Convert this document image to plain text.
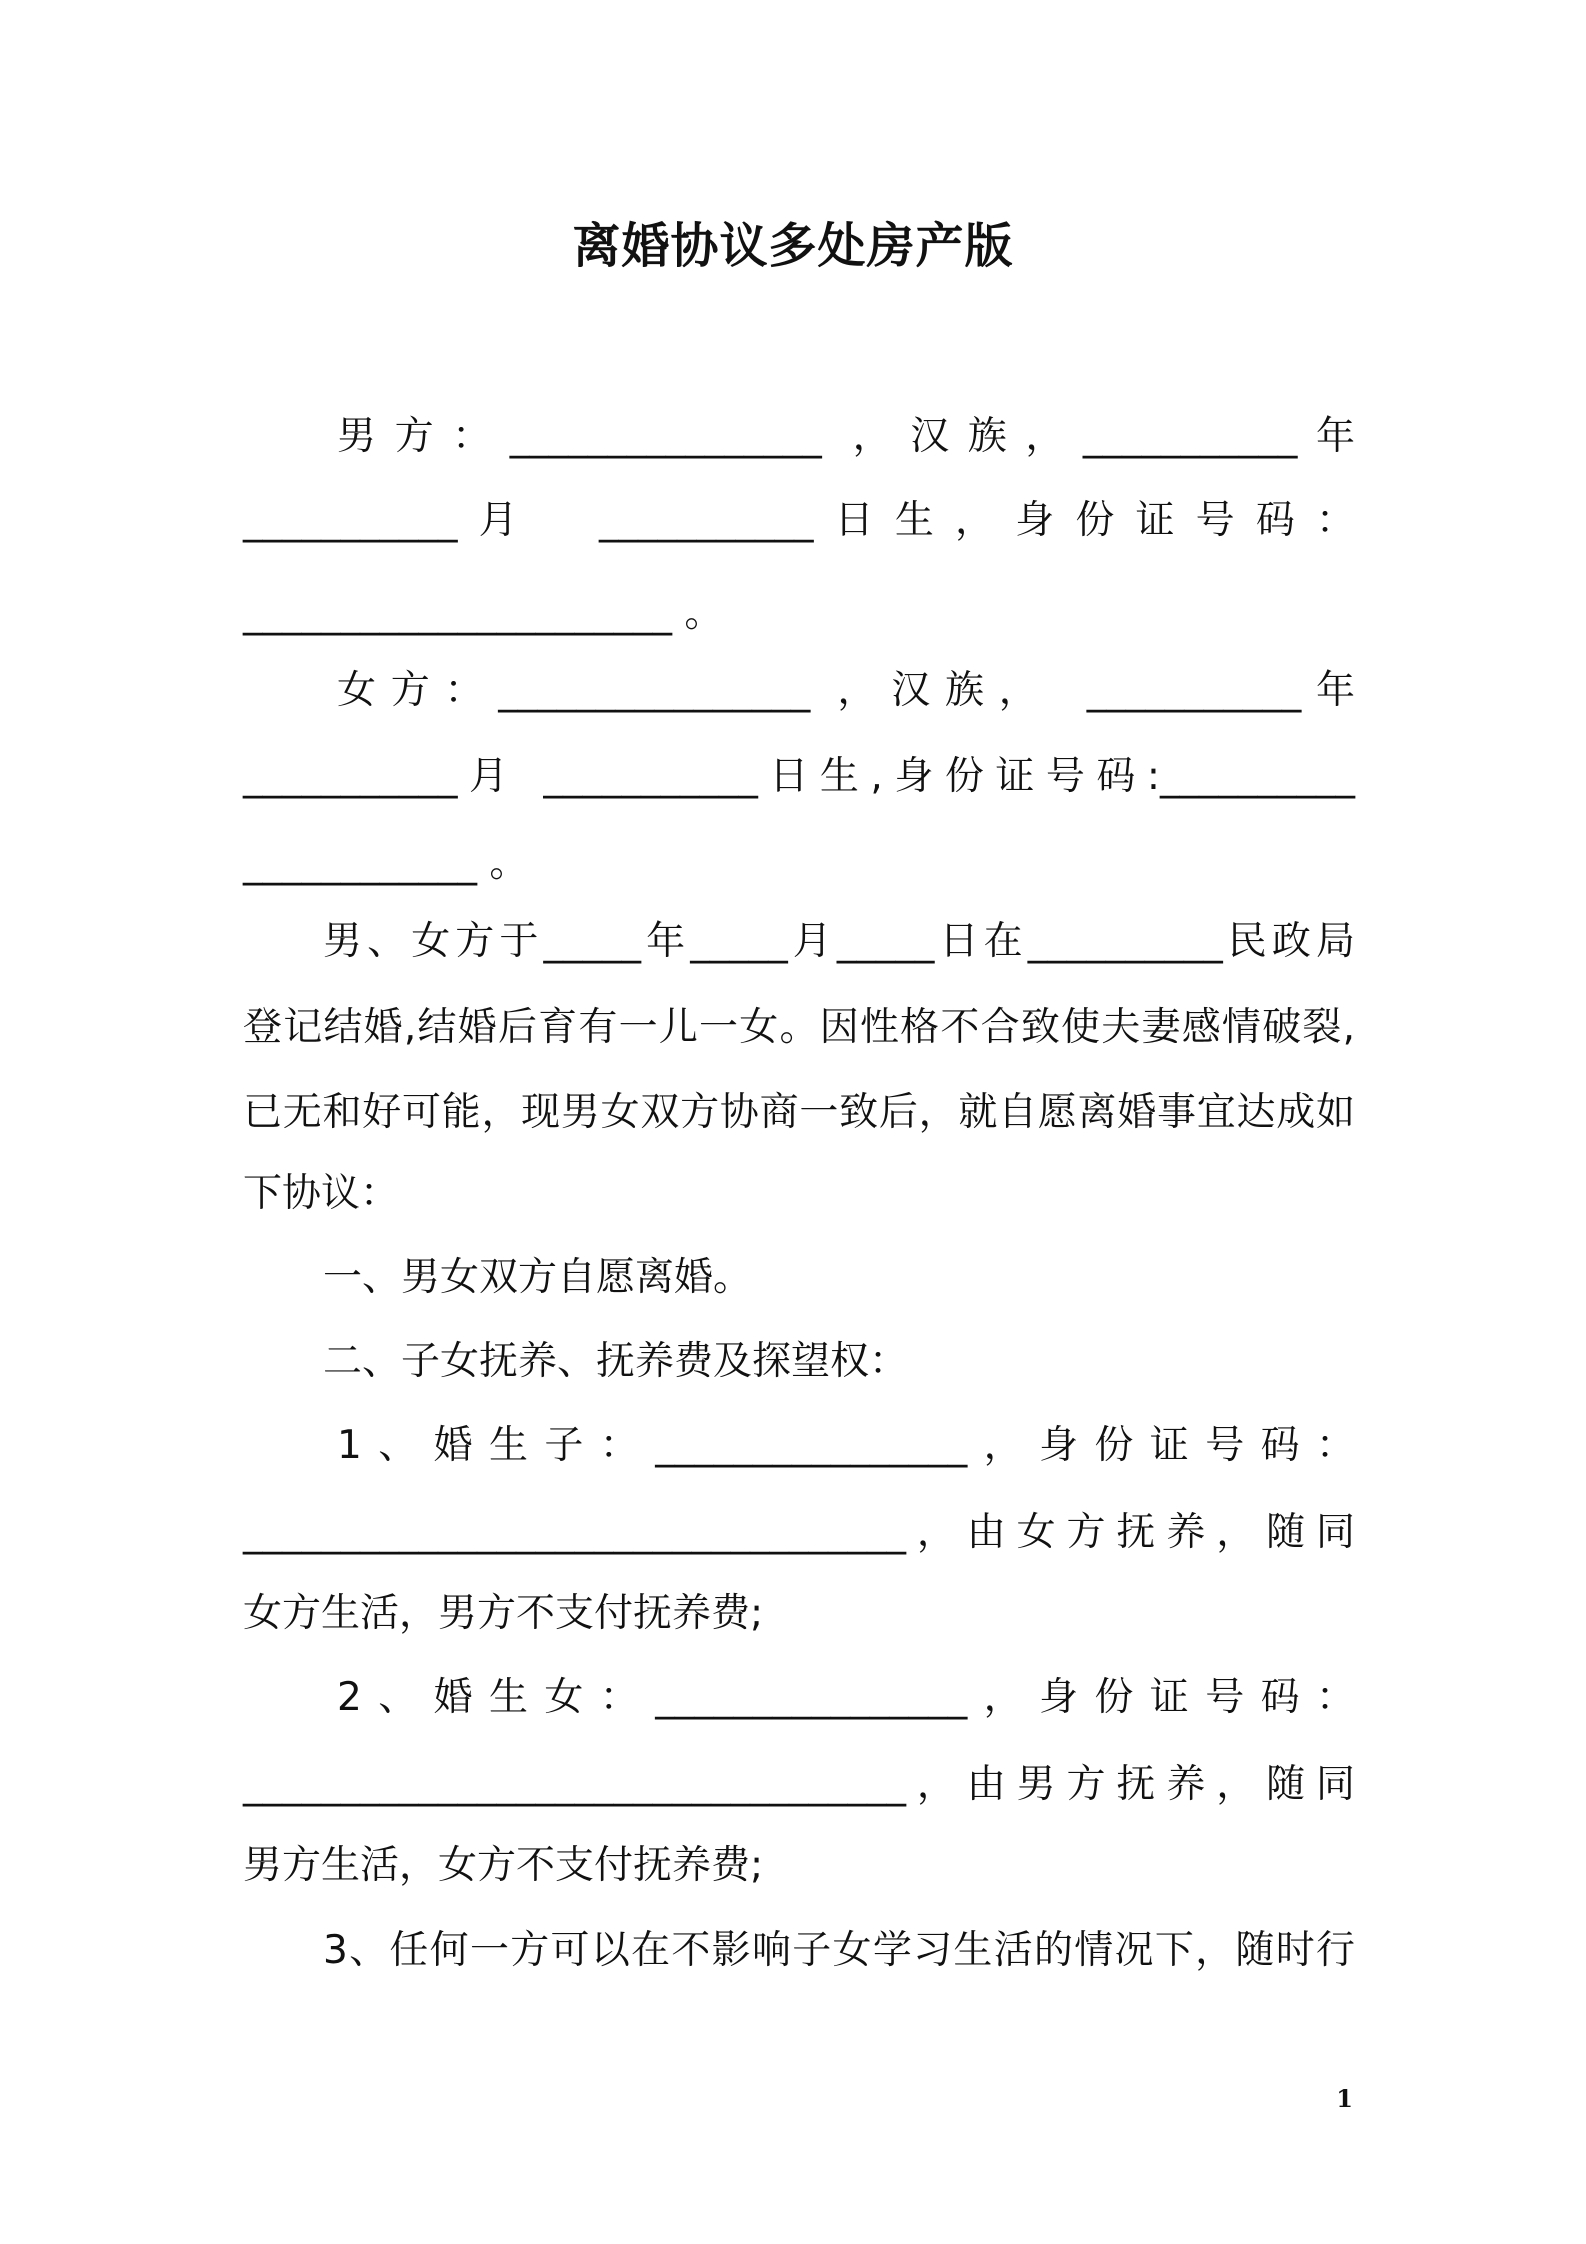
离婚协议多处房产版
男方：________________ ，汉族，___________年
___________月　___________日生，身份证号码：
______________________ 。
女方：________________ ，汉族，　___________年
___________月 ___________日生,身份证号码:__________
____________ 。
男、女方于_____年_____月_____日在__________民政局
登记结婚,结婚后育有一儿一女。因性格不合致使夫妻感情破裂,
已无和好可能，现男女双方协商一致后，就自愿离婚事宜达成如
下协议：
一、男女双方自愿离婚。
二、子女抚养、抚养费及探望权：
1、婚生子：________________，身份证号码：
__________________________________，由女方抚养，随同
女方生活，男方不支付抚养费;
2、婚生女：________________，身份证号码：
__________________________________，由男方抚养，随同
男方生活，女方不支付抚养费;
3、任何一方可以在不影响子女学习生活的情况下，随时行
1
